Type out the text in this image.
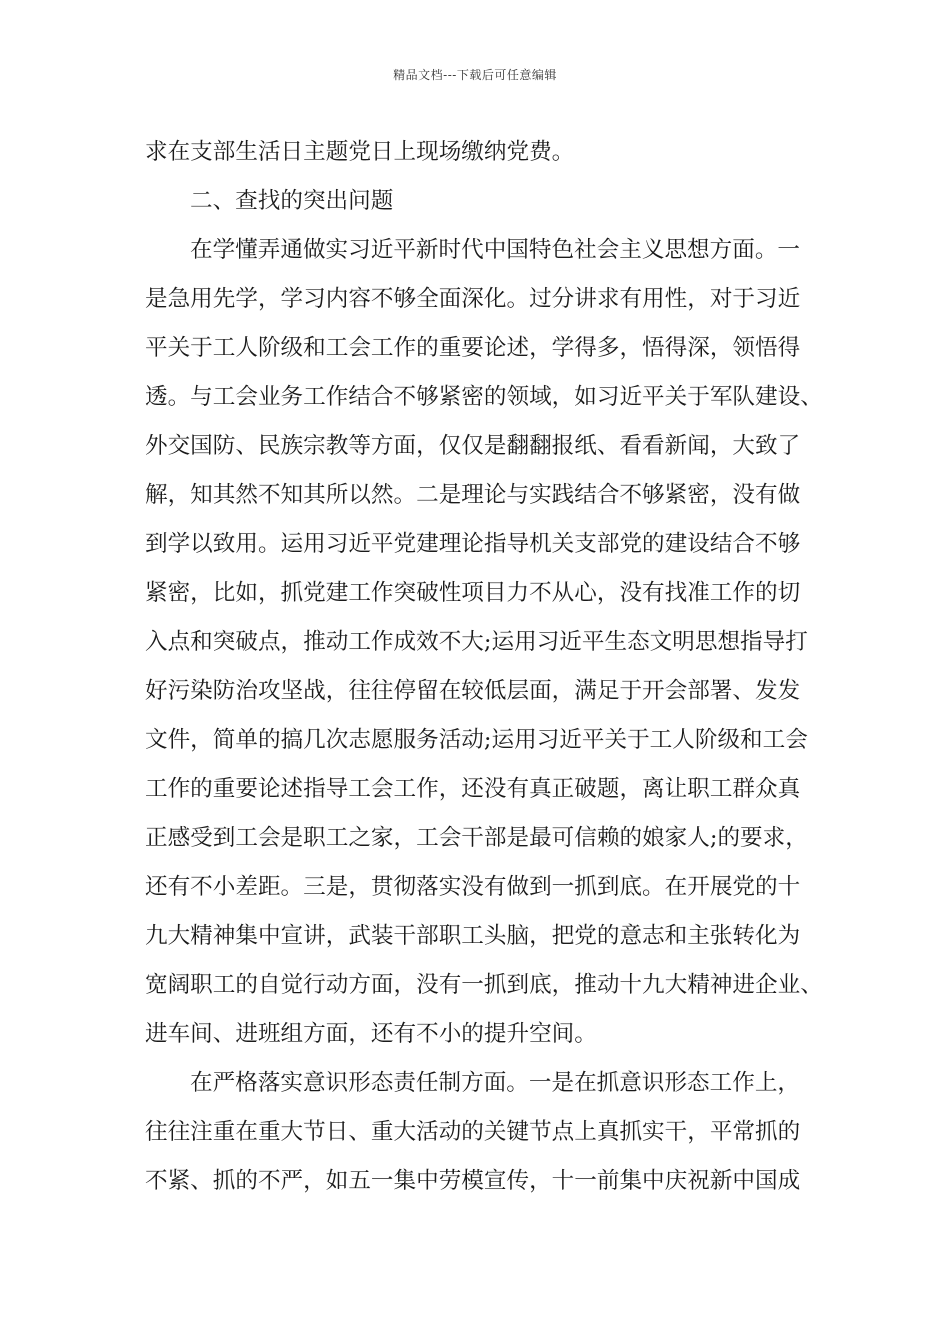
精品文档---下载后可任意编辑
求在支部生活日主题党日上现场缴纳党费。
二、查找的突出问题
在学懂弄通做实习近平新时代中国特色社会主义思想方面。一
是急用先学，学习内容不够全面深化。过分讲求有用性，对于习近
平关于工人阶级和工会工作的重要论述，学得多，悟得深，领悟得
透。与工会业务工作结合不够紧密的领域，如习近平关于军队建设、
外交国防、民族宗教等方面，仅仅是翻翻报纸、看看新闻，大致了
解，知其然不知其所以然。二是理论与实践结合不够紧密，没有做
到学以致用。运用习近平党建理论指导机关支部党的建设结合不够
紧密，比如，抓党建工作突破性项目力不从心，没有找准工作的切
入点和突破点，推动工作成效不大;运用习近平生态文明思想指导打
好污染防治攻坚战，往往停留在较低层面，满足于开会部署、发发
文件，简单的搞几次志愿服务活动;运用习近平关于工人阶级和工会
工作的重要论述指导工会工作，还没有真正破题，离让职工群众真
正感受到工会是职工之家，工会干部是最可信赖的娘家人;的要求，
还有不小差距。三是，贯彻落实没有做到一抓到底。在开展党的十
九大精神集中宣讲，武装干部职工头脑，把党的意志和主张转化为
宽阔职工的自觉行动方面，没有一抓到底，推动十九大精神进企业、
进车间、进班组方面，还有不小的提升空间。
在严格落实意识形态责任制方面。一是在抓意识形态工作上，
往往注重在重大节日、重大活动的关键节点上真抓实干，平常抓的
不紧、抓的不严，如五一集中劳模宣传，十一前集中庆祝新中国成
